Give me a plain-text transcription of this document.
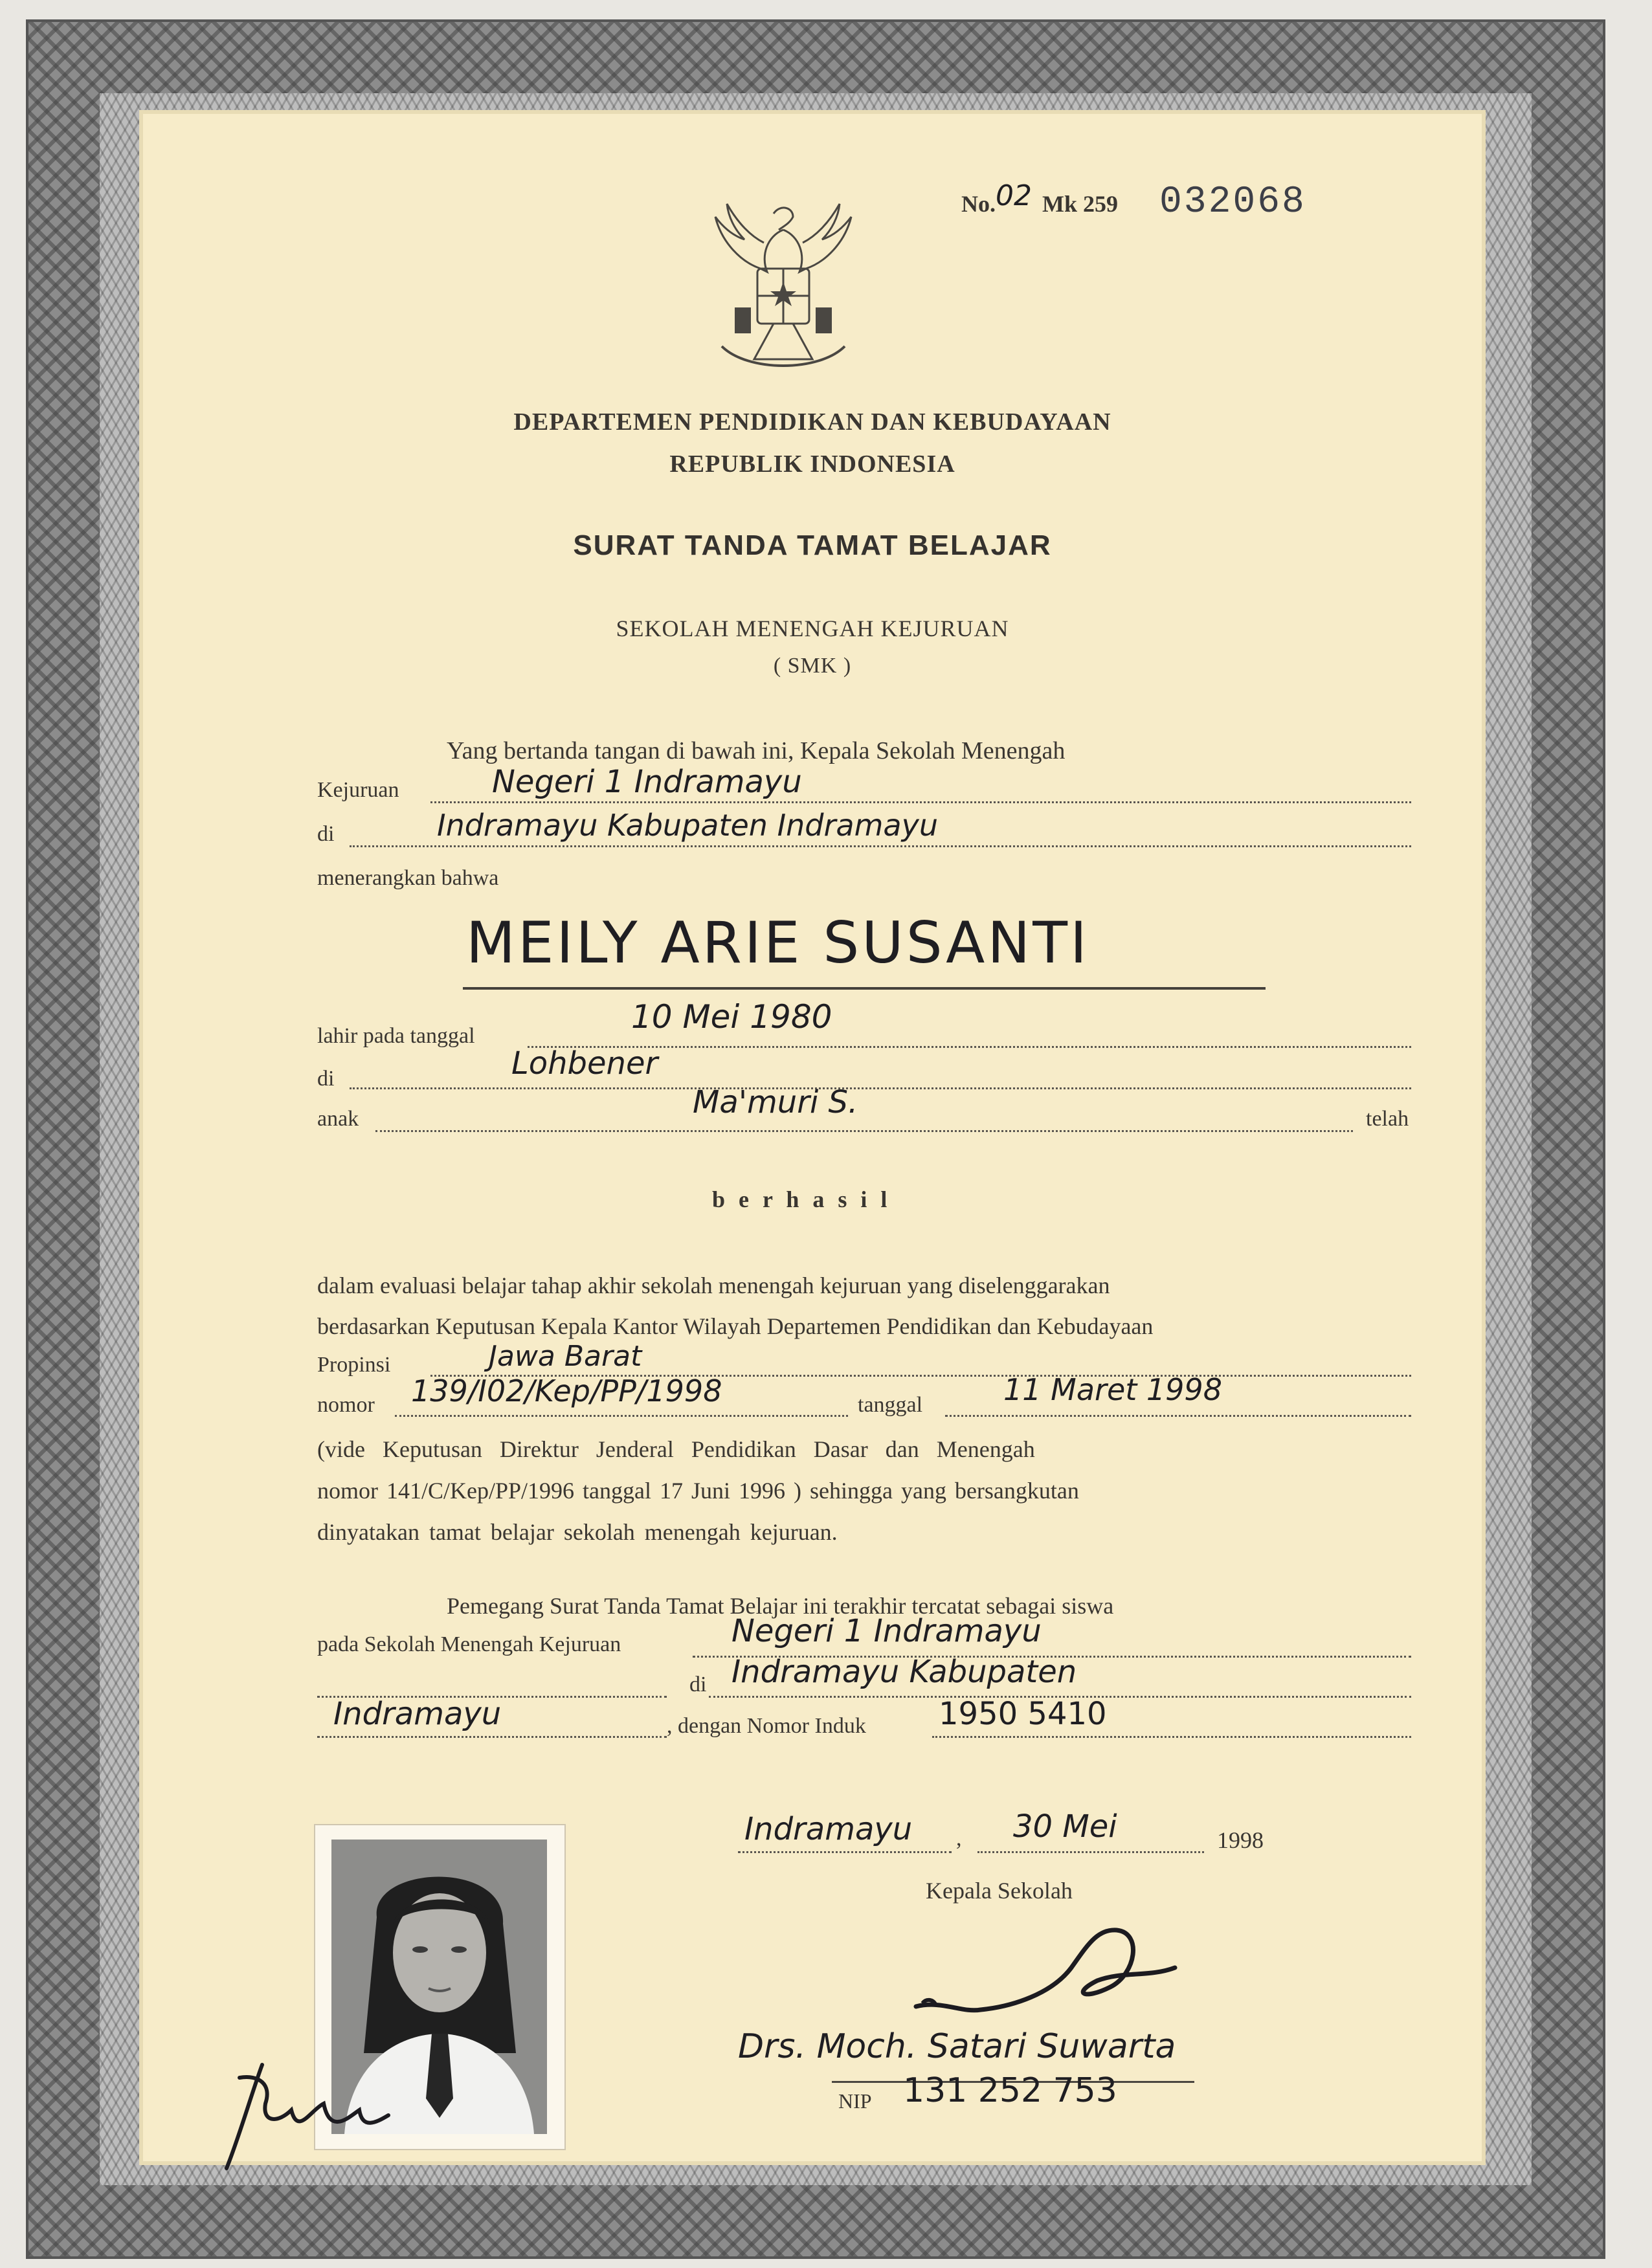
No.02 Mk 259 032068
DEPARTEMEN PENDIDIKAN DAN KEBUDAYAAN
REPUBLIK INDONESIA
SURAT TANDA TAMAT BELAJAR
SEKOLAH MENENGAH KEJURUAN
( SMK )
Yang bertanda tangan di bawah ini, Kepala Sekolah Menengah
Kejuruan	Negeri 1 Indramayu
di	Indramayu Kabupaten Indramayu
menerangkan bahwa
MEILY ARIE SUSANTI
lahir pada tanggal
10 Mei 1980
di	Lohbener
anak	Ma'muri S.	telah
b e r h a s i l
dalam evaluasi belajar tahap akhir sekolah menengah kejuruan yang diselenggarakan
berdasarkan Keputusan Kepala Kantor Wilayah Departemen Pendidikan dan Kebudayaan
Propinsi	Jawa Barat
nomor 139/I02/Kep/PP/1998	tanggal	11 Maret 1998
(vide Keputusan Direktur Jenderal Pendidikan Dasar dan Menengah
nomor 141/C/Kep/PP/1996 tanggal 17 Juni 1996 ) sehingga yang bersangkutan
dinyatakan tamat belajar sekolah menengah kejuruan.
Pemegang Surat Tanda Tamat Belajar ini terakhir tercatat sebagai siswa
pada Sekolah Menengah Kejuruan	Negeri 1 Indramayu
di Indramayu Kabupaten
Indramayu	, dengan Nomor Induk 1950 5410
Indramayu , 30 Mei	1998
Kepala Sekolah
Drs. Moch. Satari Suwarta
NIP 131 252 753
